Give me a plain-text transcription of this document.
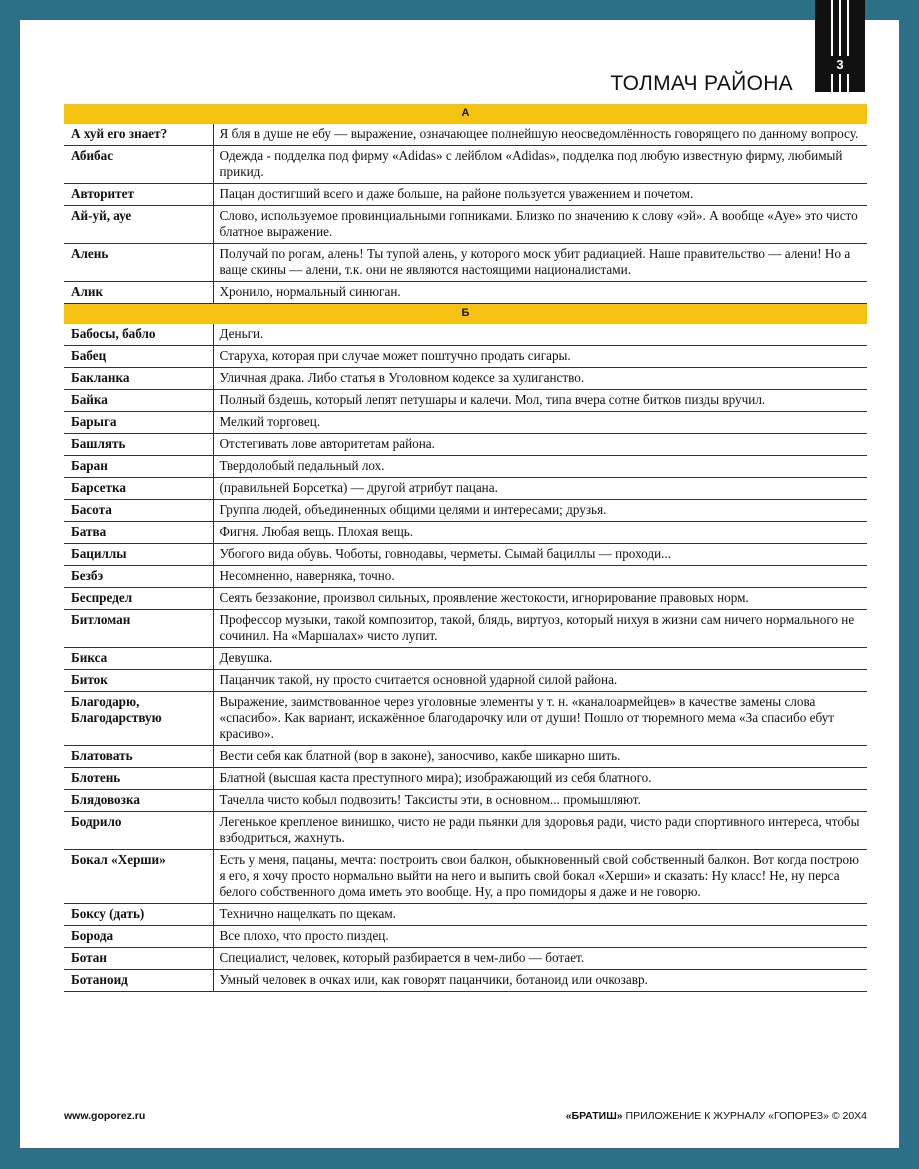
3
ТОЛМАЧ РАЙОНА
А	
А хуй его знает?	Я бля в душе не ебу — выражение, означающее полнейшую неосведомлённость говорящего по данному вопросу.
Абибас	Одежда - подделка под фирму «Adidas» с лейблом «Adidas», подделка под любую известную фирму, любимый прикид.
Авторитет	Пацан достигший всего и даже больше, на районе пользуется уважением и почетом.
Ай-уй, ауе	Слово, используемое провинциальными гопниками. Близко по значению к слову «эй». А вообще «Ауе» это чисто блатное выражение.
Алень	Получай по рогам, алень! Ты тупой алень, у которого моск убит радиацией. Наше правительство — алени! Но а ваще скины — алени, т.к. они не являются настоящими националистами.
Алик	Хронило, нормальный синюган.
Б	
Бабосы, бабло	Деньги.
Бабец	Старуха, которая при случае может поштучно продать сигары.
Бакланка	Уличная драка. Либо статья в Уголовном кодексе за хулиганство.
Байка	Полный бздешь, который лепят петушары и калечи. Мол, типа вчера сотне битков пизды вручил.
Барыга	Мелкий торговец.
Башлять	Отстегивать лове авторитетам района.
Баран	Твердолобый педальный лох.
Барсетка	(правильней Борсетка) — другой атрибут пацана.
Басота	Группа людей, объединенных общими целями и интересами; друзья.
Батва	Фигня. Любая вещь. Плохая вещь.
Бациллы	Убогого вида обувь. Чоботы, говнодавы, черметы. Сымай бациллы — проходи...
Безбэ	Несомненно, наверняка, точно.
Беспредел	Сеять беззаконие, произвол сильных, проявление жестокости, игнорирование правовых норм.
Битломан	Профессор музыки, такой композитор, такой, блядь, виртуоз, который нихуя в жизни сам ничего нормального не сочинил. На «Маршалах» чисто лупит.
Бикса	Девушка.
Биток	Пацанчик такой, ну просто считается основной ударной силой района.
Благодарю, Благодарствую	Выражение, заимствованное через уголовные элементы у т. н. «каналоармейцев» в качестве замены слова «спасибо». Как вариант, искажённое благодарочку или от души! Пошло от тюремного мема «За спасибо ебут красиво».
Блатовать	Вести себя как блатной (вор в законе), заносчиво, какбе шикарно шить.
Блотень	Блатной (высшая каста преступного мира); изображающий из себя блатного.
Блядовозка	Тачелла чисто кобыл подвозить! Таксисты эти, в основном... промышляют.
Бодрило	Легенькое крепленое винишко, чисто не ради пьянки для здоровья ради, чисто ради спортивного интереса, чтобы взбодриться, жахнуть.
Бокал «Херши»	Есть у меня, пацаны, мечта: построить свои балкон, обыкновенный свой собственный балкон. Вот когда построю я его, я хочу просто нормально выйти на него и выпить свой бокал «Херши» и сказать: Ну класс! Не, ну перса белого собственного дома иметь это вообще. Ну, а про помидоры я даже и не говорю.
Боксу (дать)	Технично нащелкать по щекам.
Борода	Все плохо, что просто пиздец.
Ботан	Специалист, человек, который разбирается в чем-либо — ботает.
Ботаноид	Умный человек в очках или, как говорят пацанчики, ботаноид или очкозавр.
www.goporez.ru	«БРАТИШ» ПРИЛОЖЕНИЕ К ЖУРНАЛУ «ГОПОРЕЗ» © 20Х4
